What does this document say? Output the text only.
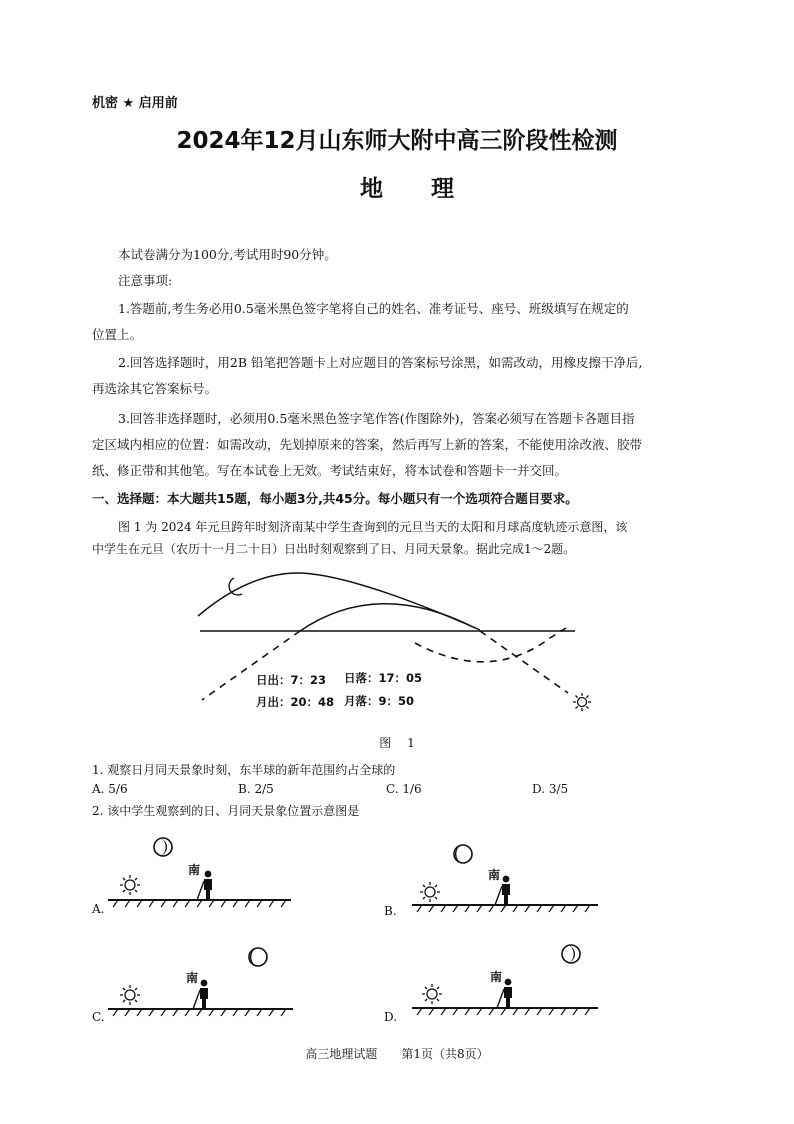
机密 ★ 启用前
2024年12月山东师大附中高三阶段性检测
地 理
本试卷满分为100分,考试用时90分钟。
注意事项:
1.答题前,考生务必用0.5毫米黑色签字笔将自己的姓名、准考证号、座号、班级填写在规定的
位置上。
2.回答选择题时，用2B 铅笔把答题卡上对应题目的答案标号涂黑，如需改动，用橡皮擦干净后,
再选涂其它答案标号。
3.回答非选择题时，必须用0.5毫米黑色签字笔作答(作图除外)，答案必须写在答题卡各题目指
定区域内相应的位置：如需改动，先划掉原来的答案，然后再写上新的答案，不能使用涂改液、胶带
纸、修正带和其他笔。写在本试卷上无效。考试结束好，将本试卷和答题卡一并交回。
一、选择题：本大题共15题，每小题3分,共45分。每小题只有一个选项符合题目要求。
图 1 为 2024 年元旦跨年时刻济南某中学生查询到的元旦当天的太阳和月球高度轨迹示意图，该
中学生在元旦（农历十一月二十日）日出时刻观察到了日、月同天景象。据此完成1～2题。
日出：7：23 日落：17：05
月出：20：48 月落：9：50
图 1
1. 观察日月同天景象时刻，东半球的新年范围约占全球的
A. 5/6	B. 2/5	C. 1/6	D. 3/5
2. 该中学生观察到的日、月同天景象位置示意图是
南
A.
南
B.
南
C.
南
D.
高三地理试题　　第1页（共8页）
